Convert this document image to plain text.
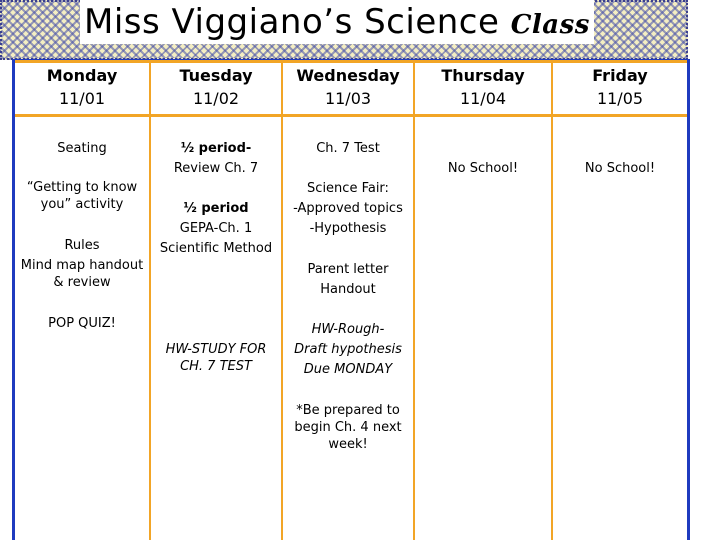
Miss Viggiano’s Science Class
Monday
11/01
Tuesday
11/02
Wednesday
11/03
Thursday
11/04
Friday
11/05
Seating
“Getting to know you” activity
Rules
Mind map handout & review
POP QUIZ!
½ period-
Review Ch. 7
½ period
GEPA-Ch. 1
Scientific Method
HW-STUDY FOR CH. 7 TEST
Ch. 7 Test
Science Fair:
-Approved topics
-Hypothesis
Parent letter
Handout
HW-Rough-
Draft hypothesis
Due MONDAY
*Be prepared to begin Ch. 4 next week!
No School!	No School!
